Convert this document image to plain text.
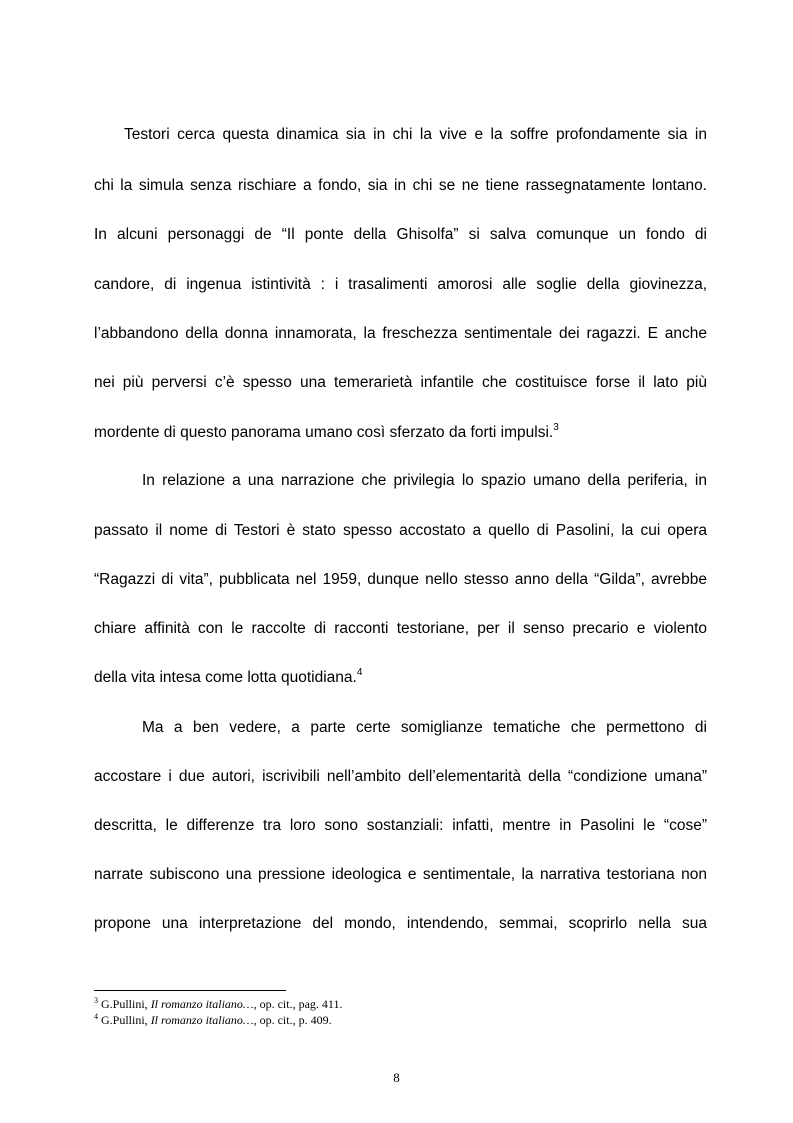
Testori cerca questa dinamica sia in chi la vive e la soffre profondamente sia in
chi la simula senza rischiare a fondo, sia in chi se ne tiene rassegnatamente lontano.
In alcuni personaggi de “Il ponte della Ghisolfa” si salva comunque un fondo di
candore, di ingenua istintività : i trasalimenti amorosi alle soglie della giovinezza,
l’abbandono della donna innamorata, la freschezza sentimentale dei ragazzi. E anche
nei più perversi c’è spesso una temerarietà infantile che costituisce forse il lato più
mordente di questo panorama umano così sferzato da forti impulsi.$^3$
In relazione a una narrazione che privilegia lo spazio umano della periferia, in
passato il nome di Testori è stato spesso accostato a quello di Pasolini, la cui opera
“Ragazzi di vita”, pubblicata nel 1959, dunque nello stesso anno della “Gilda”, avrebbe
chiare affinità con le raccolte di racconti testoriane, per il senso precario e violento
della vita intesa come lotta quotidiana.$^4$
Ma a ben vedere, a parte certe somiglianze tematiche che permettono di
accostare i due autori, iscrivibili nell’ambito dell’elementarità della “condizione umana”
descritta, le differenze tra loro sono sostanziali: infatti, mentre in Pasolini le “cose”
narrate subiscono una pressione ideologica e sentimentale, la narrativa testoriana non
propone una interpretazione del mondo, intendendo, semmai, scoprirlo nella sua
$^3$ G.Pullini, Il romanzo italiano…, op. cit., pag. 411.
$^4$ G.Pullini, Il romanzo italiano…, op. cit., p. 409.
8
